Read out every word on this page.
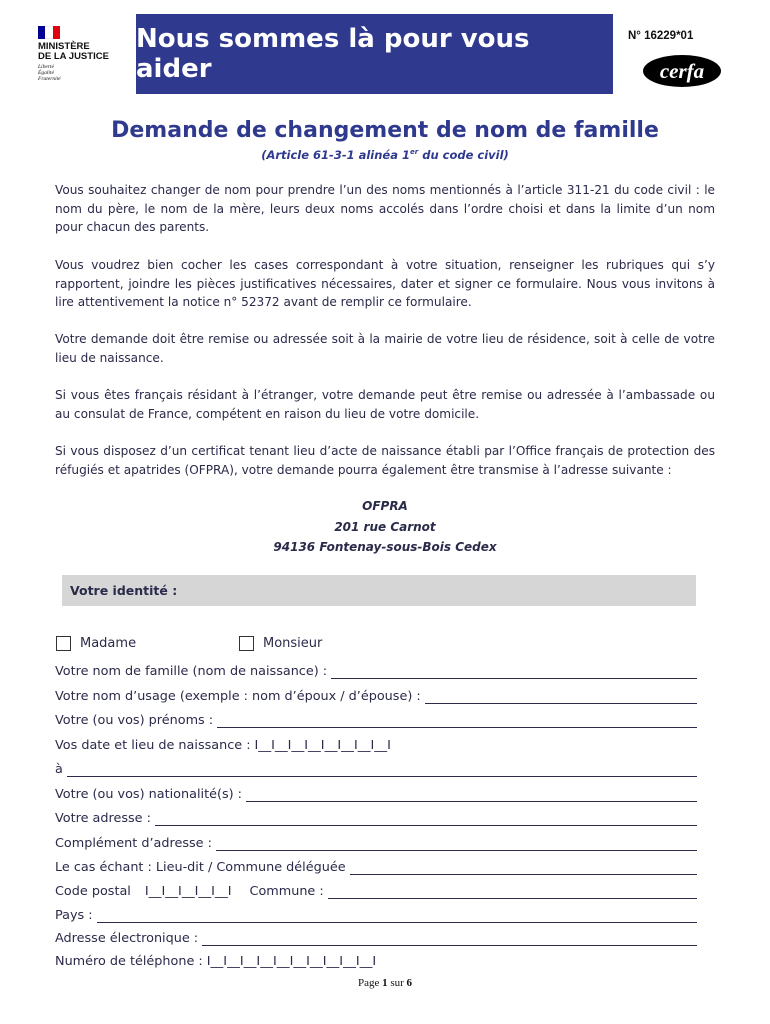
MINISTÈRE
DE LA JUSTICE
Liberté
Égalité
Fraternité
Nous sommes là pour vous aider
N° 16229*01
cerfa
Demande de changement de nom de famille
(Article 61-3-1 alinéa 1er du code civil)

Vous souhaitez changer de nom pour prendre l’un des noms mentionnés à l’article 311-21 du code civil : le nom du père, le nom de la mère, leurs deux noms accolés dans l’ordre choisi et dans la limite d’un nom pour chacun des parents.

Vous voudrez bien cocher les cases correspondant à votre situation, renseigner les rubriques qui s’y rapportent, joindre les pièces justificatives nécessaires, dater et signer ce formulaire. Nous vous invitons à lire attentivement la notice n° 52372 avant de remplir ce formulaire.

Votre demande doit être remise ou adressée soit à la mairie de votre lieu de résidence, soit à celle de votre lieu de naissance.

Si vous êtes français résidant à l’étranger, votre demande peut être remise ou adressée à l’ambassade ou au consulat de France, compétent en raison du lieu de votre domicile.

Si vous disposez d’un certificat tenant lieu d’acte de naissance établi par l’Office français de protection des réfugiés et apatrides (OFPRA), votre demande pourra également être transmise à l’adresse suivante :

OFPRA
201 rue Carnot
94136 Fontenay-sous-Bois Cedex
Votre identité :
Madame	Monsieur
Votre nom de famille (nom de naissance) :
Votre nom d’usage (exemple : nom d’époux / d’épouse) :
Votre (ou vos) prénoms :
Vos date et lieu de naissance : I__I__I__I__I__I__I__I__I
à
Votre (ou vos) nationalité(s) :
Votre adresse :
Complément d’adresse :
Le cas échant : Lieu-dit / Commune déléguée
Code postal I__I__I__I__I__I Commune :
Pays :
Adresse électronique :
Numéro de téléphone : I__I__I__I__I__I__I__I__I__I__I
Page 1 sur 6
